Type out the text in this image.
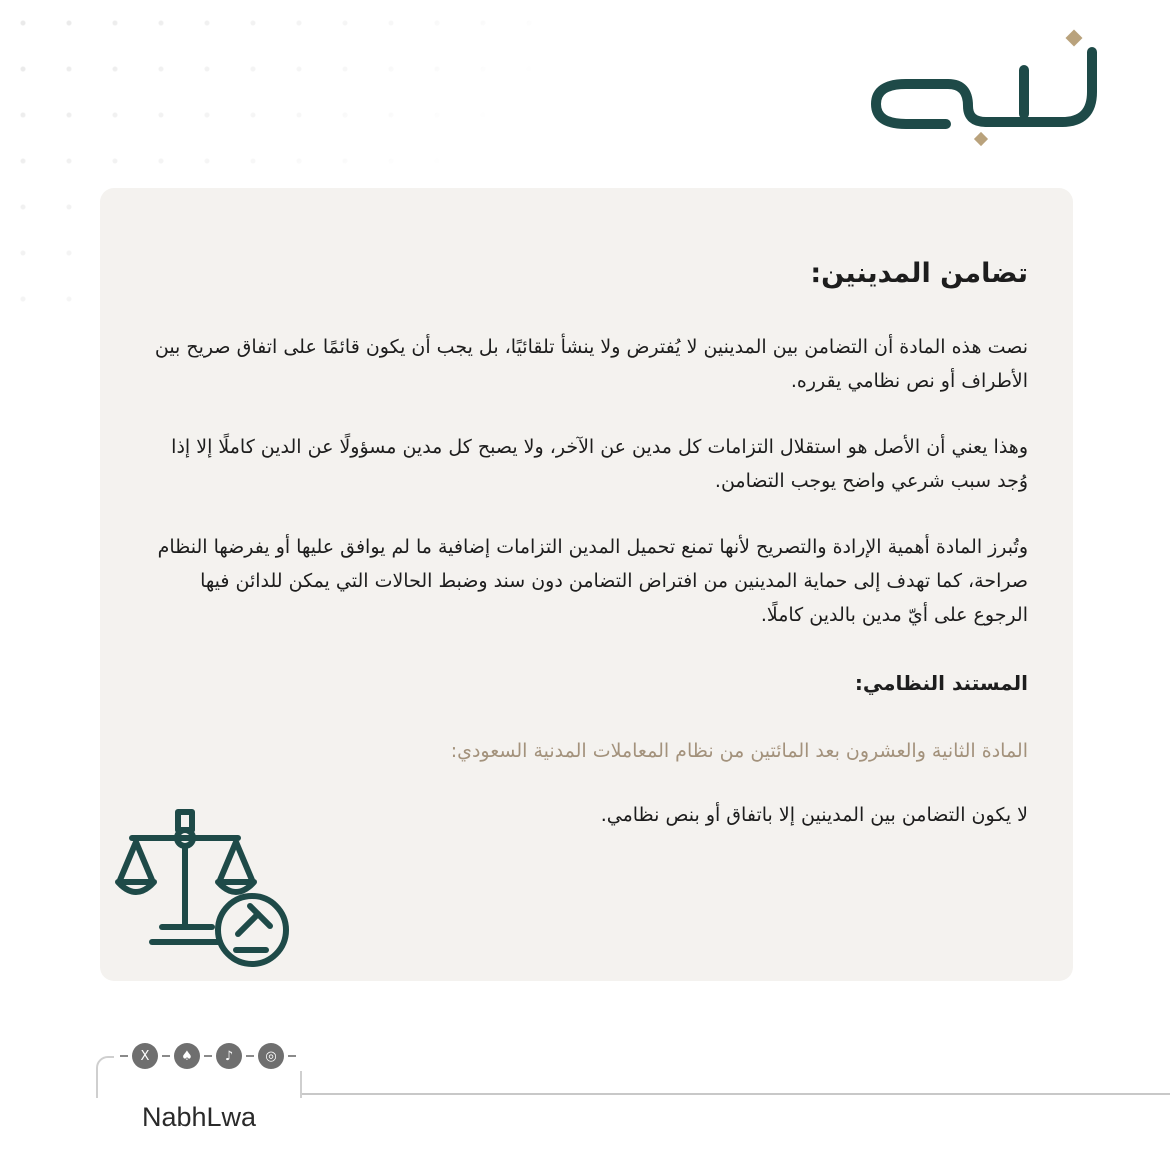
نابه
تضامن المدينين:

نصت هذه المادة أن التضامن بين المدينين لا يُفترض ولا ينشأ تلقائيًا، بل يجب أن يكون قائمًا على اتفاق صريح بين الأطراف أو نص نظامي يقرره.

وهذا يعني أن الأصل هو استقلال التزامات كل مدين عن الآخر، ولا يصبح كل مدين مسؤولًا عن الدين كاملًا إلا إذا وُجد سبب شرعي واضح يوجب التضامن.

وتُبرز المادة أهمية الإرادة والتصريح لأنها تمنع تحميل المدين التزامات إضافية ما لم يوافق عليها أو يفرضها النظام صراحة، كما تهدف إلى حماية المدينين من افتراض التضامن دون سند وضبط الحالات التي يمكن للدائن فيها الرجوع على أيّ مدين بالدين كاملًا.

المستند النظامي:

المادة الثانية والعشرون بعد المائتين من نظام المعاملات المدنية السعودي:

لا يكون التضامن بين المدينين إلا باتفاق أو بنص نظامي.

NabhLwa
X	♠	♪	◎
